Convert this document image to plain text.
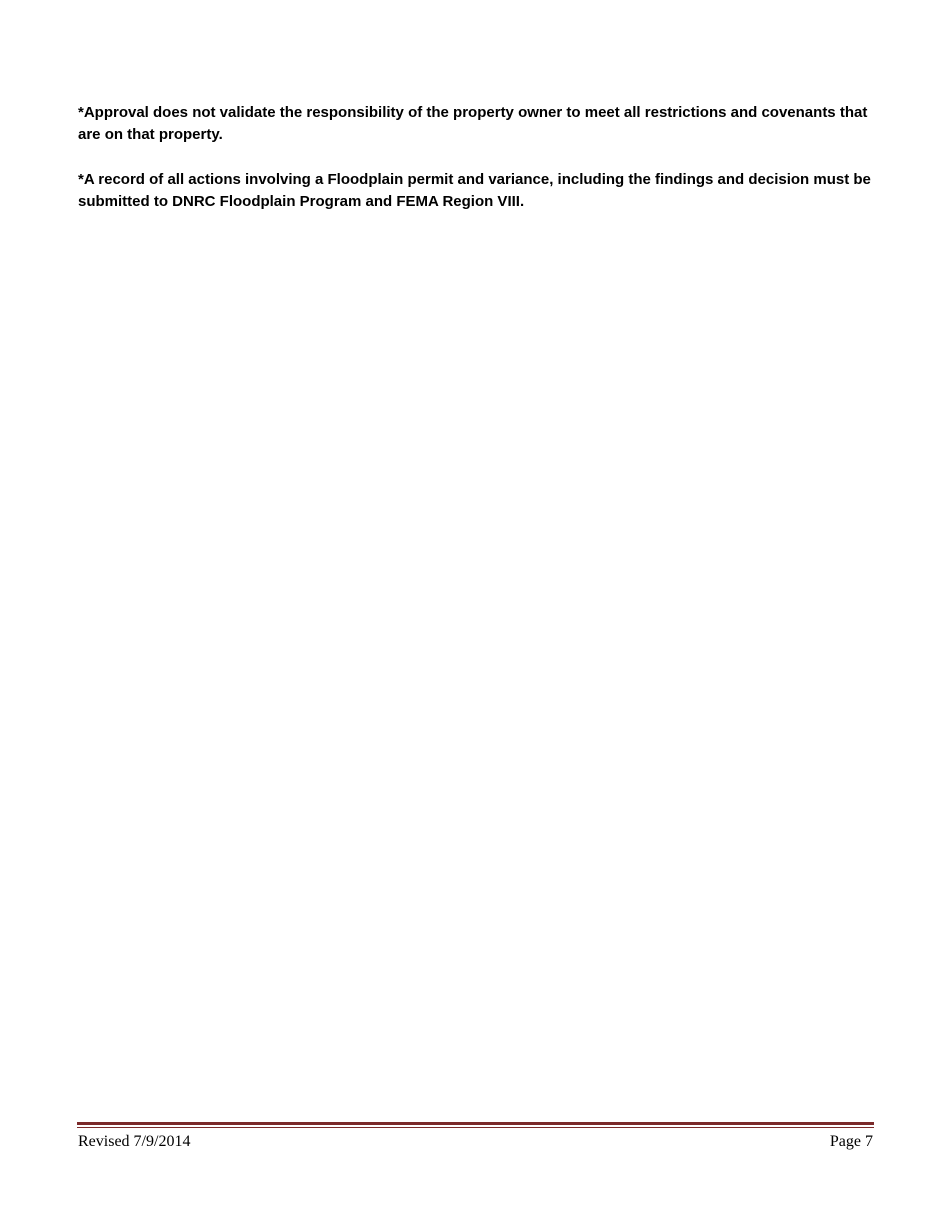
*Approval does not validate the responsibility of the property owner to meet all restrictions and covenants that are on that property.

*A record of all actions involving a Floodplain permit and variance, including the findings and decision must be submitted to DNRC Floodplain Program and FEMA Region VIII.

Revised 7/9/2014	Page 7
